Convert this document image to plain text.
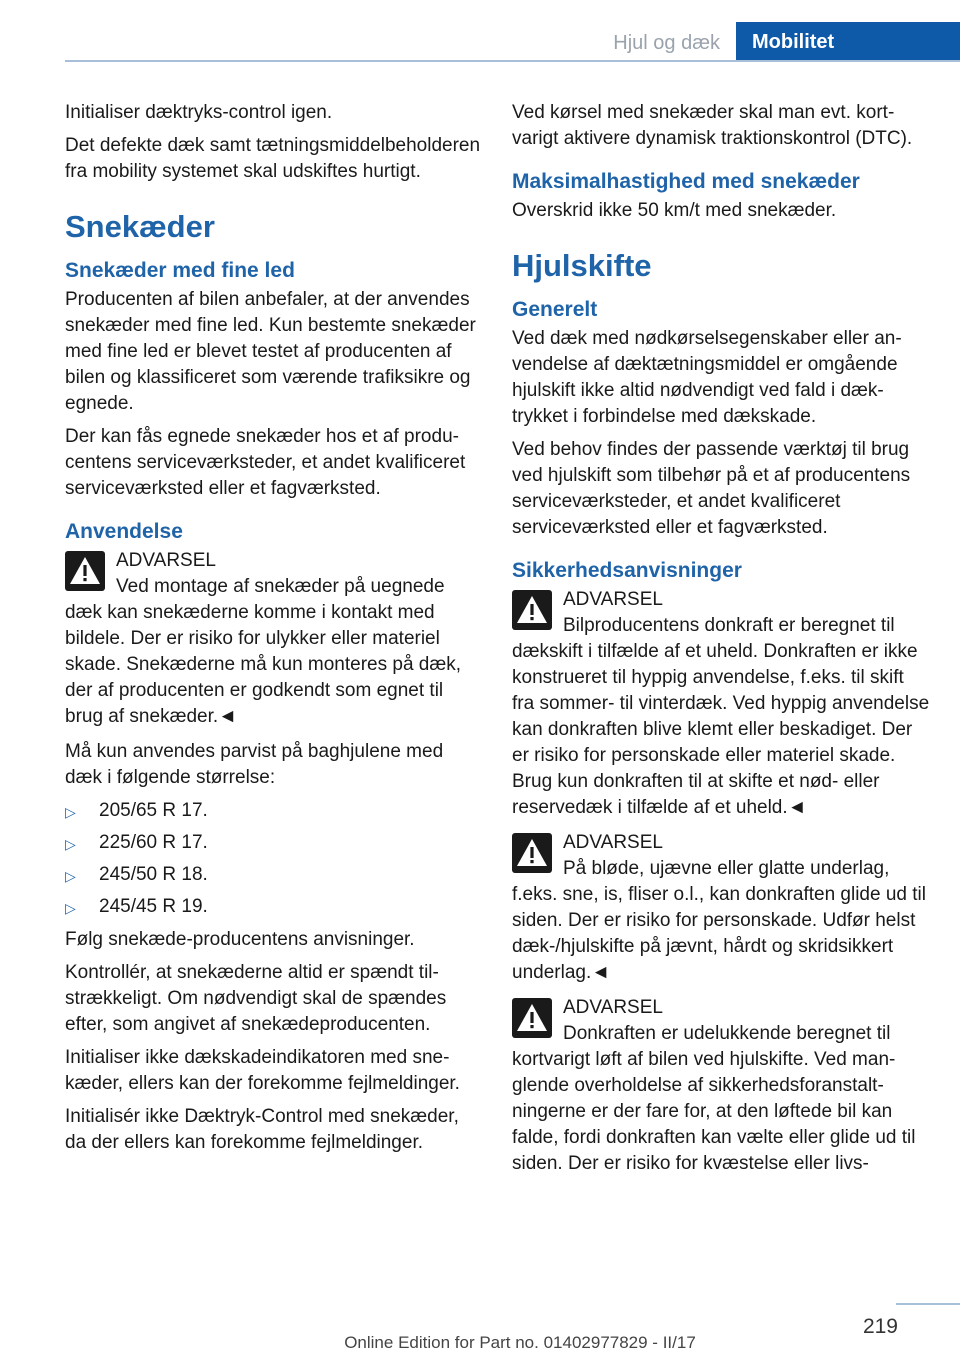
Hjul og dæk	Mobilitet
Initialiser dæktryks-control igen.
Det defekte dæk samt tætningsmiddelbeholderen fra mobility systemet skal udskiftes hurtigt.
Snekæder
Snekæder med fine led
Producenten af bilen anbefaler, at der anvendes snekæder med fine led. Kun bestemte snekæder med fine led er blevet testet af producenten af bilen og klassificeret som værende trafiksikre og egnede.
Der kan fås egnede snekæder hos et af producentens serviceværksteder, et andet kvalificeret serviceværksted eller et fagværksted.
Anvendelse
ADVARSEL
Ved montage af snekæder på uegnede
dæk kan snekæderne komme i kontakt med bildele. Der er risiko for ulykker eller materiel skade. Snekæderne må kun monteres på dæk, der af producenten er godkendt som egnet til brug af snekæder.◄
Må kun anvendes parvist på baghjulene med dæk i følgende størrelse:
▷	205/65 R 17.
▷	225/60 R 17.
▷	245/50 R 18.
▷	245/45 R 19.
Følg snekæde-producentens anvisninger.
Kontrollér, at snekæderne altid er spændt tilstrækkeligt. Om nødvendigt skal de spændes efter, som angivet af snekædeproducenten.
Initialiser ikke dækskadeindikatoren med snekæder, ellers kan der forekomme fejlmeldinger.
Initialisér ikke Dæktryk-Control med snekæder, da der ellers kan forekomme fejlmeldinger.
Ved kørsel med snekæder skal man evt. kortvarigt aktivere dynamisk traktionskontrol (DTC).
Maksimalhastighed med snekæder
Overskrid ikke 50 km/t med snekæder.
Hjulskifte
Generelt
Ved dæk med nødkørselsegenskaber eller anvendelse af dæktætningsmiddel er omgående hjulskift ikke altid nødvendigt ved fald i dæktrykket i forbindelse med dækskade.
Ved behov findes der passende værktøj til brug ved hjulskift som tilbehør på et af producentens serviceværksteder, et andet kvalificeret serviceværksted eller et fagværksted.
Sikkerhedsanvisninger
ADVARSEL
Bilproducentens donkraft er beregnet til
dækskift i tilfælde af et uheld. Donkraften er ikke konstrueret til hyppig anvendelse, f.eks. til skift fra sommer- til vinterdæk. Ved hyppig anvendelse kan donkraften blive klemt eller beskadiget. Der er risiko for personskade eller materiel skade. Brug kun donkraften til at skifte et nød- eller reservedæk i tilfælde af et uheld.◄
ADVARSEL
På bløde, ujævne eller glatte underlag,
f.eks. sne, is, fliser o.l., kan donkraften glide ud til siden. Der er risiko for personskade. Udfør helst dæk-/hjulskifte på jævnt, hårdt og skridsikkert underlag.◄
ADVARSEL
Donkraften er udelukkende beregnet til
kortvarigt løft af bilen ved hjulskifte. Ved manglende overholdelse af sikkerhedsforanstaltningerne er der fare for, at den løftede bil kan falde, fordi donkraften kan vælte eller glide ud til siden. Der er risiko for kvæstelse eller livs-
219
Online Edition for Part no. 01402977829 - II/17
